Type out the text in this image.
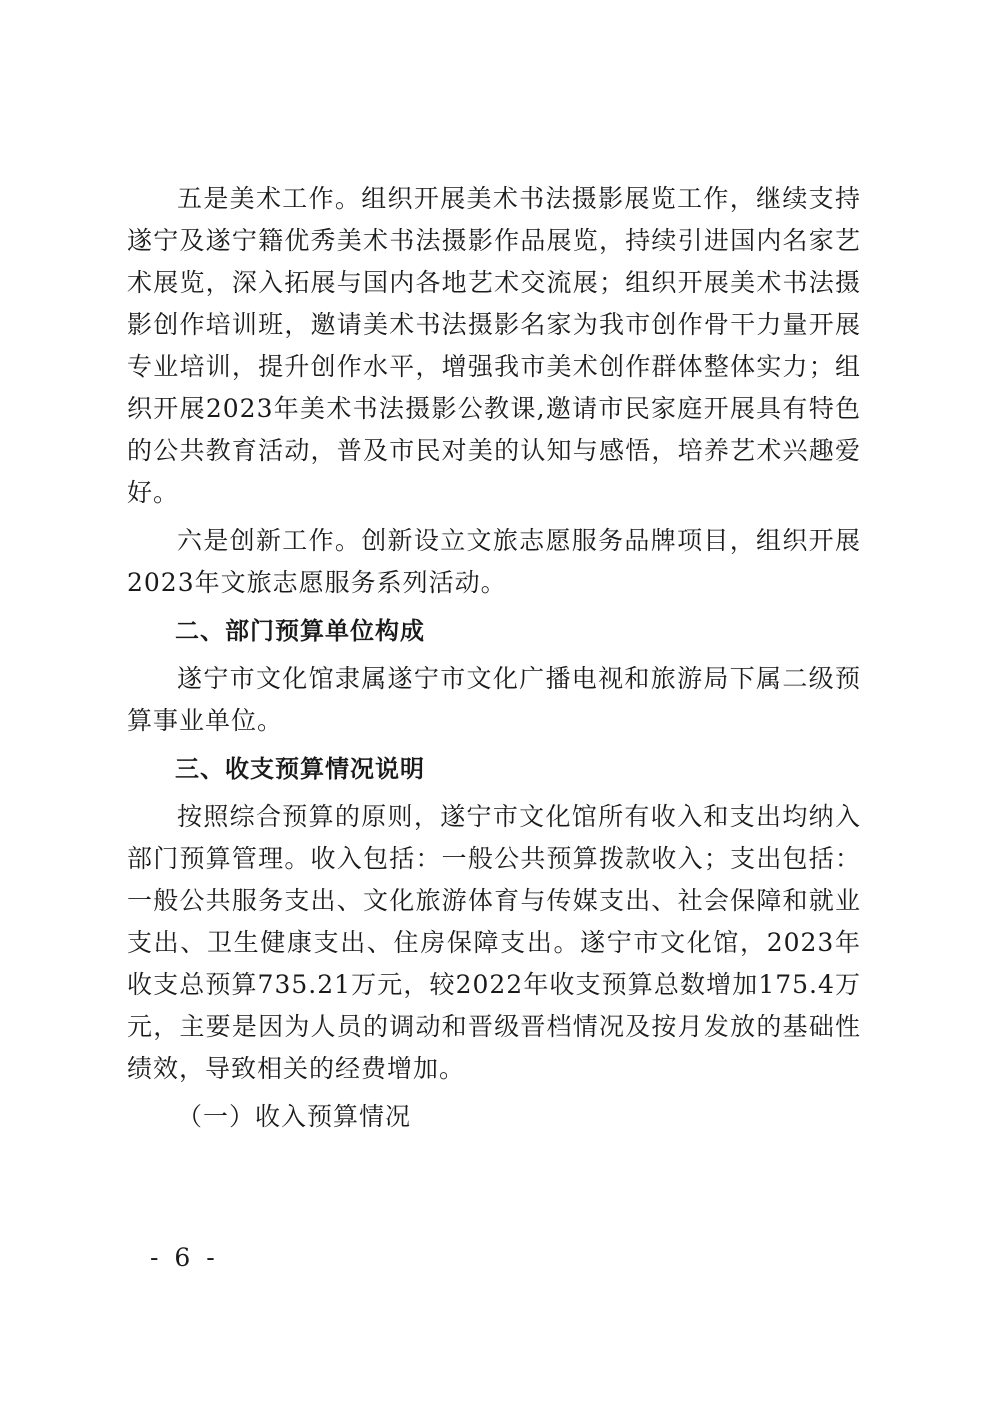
五是美术工作。组织开展美术书法摄影展览工作，继续支持遂宁及遂宁籍优秀美术书法摄影作品展览，持续引进国内名家艺术展览，深入拓展与国内各地艺术交流展；组织开展美术书法摄影创作培训班，邀请美术书法摄影名家为我市创作骨干力量开展专业培训，提升创作水平，增强我市美术创作群体整体实力；组织开展2023年美术书法摄影公教课,邀请市民家庭开展具有特色的公共教育活动，普及市民对美的认知与感悟，培养艺术兴趣爱好。

六是创新工作。创新设立文旅志愿服务品牌项目，组织开展2023年文旅志愿服务系列活动。

二、部门预算单位构成

遂宁市文化馆隶属遂宁市文化广播电视和旅游局下属二级预算事业单位。

三、收支预算情况说明

按照综合预算的原则，遂宁市文化馆所有收入和支出均纳入部门预算管理。收入包括：一般公共预算拨款收入；支出包括：一般公共服务支出、文化旅游体育与传媒支出、社会保障和就业支出、卫生健康支出、住房保障支出。遂宁市文化馆，2023年收支总预算735.21万元，较2022年收支预算总数增加175.4万元，主要是因为人员的调动和晋级晋档情况及按月发放的基础性绩效，导致相关的经费增加。

（一）收入预算情况
- 6 -
